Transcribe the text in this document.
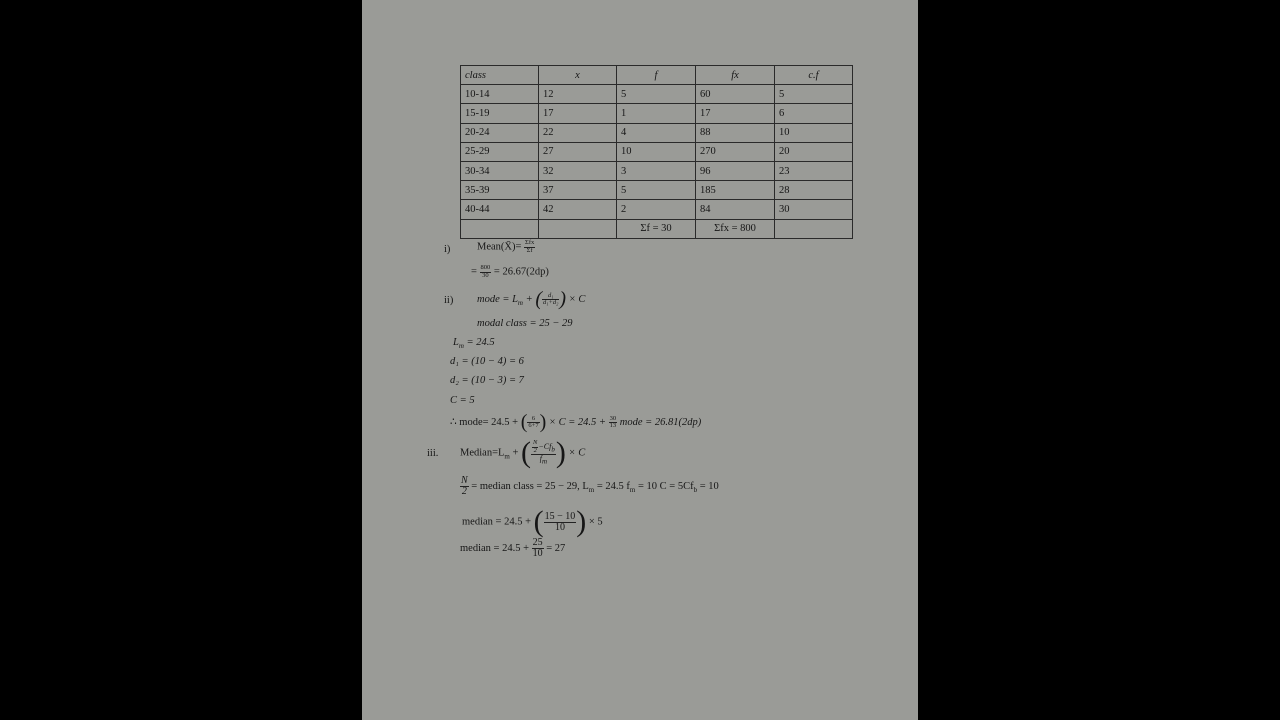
class	x	f	fx	c.f
10-14	12	5	60	5
15-19	17	1	17	6
20-24	22	4	88	10
25-29	27	10	270	20
30-34	32	3	96	23
35-39	37	5	185	28
40-44	42	2	84	30
		Σf = 30	Σfx = 800	
i)	Mean(X̄)= $\frac{\text{Σfx}}{\Sigma f}$
= $\frac{800}{30} = 26.67(2dp)$
ii) mode = $L_m$ + ( $\frac{\text{d₁}}{\text{d₁+d₂}}$ ) × C
modal class = 25 − 29
$L_m = 24.5$
d₁ = (10 − 4) = 6
d₂ = (10 − 3) = 7
C = 5
∴ mode= 24.5 + ( $\frac{6}{6+7}$ ) × $C = 24.5 + \frac{30}{13}$ mode = 26.81(2dp)
iii. $Median=L_m$ + ( $\frac{\frac{N}{2} -Cf_b}{f_m}$ ) × C
$\frac{N}{2}$ = median class = 25 − 29, $L_m = 24.5$ $f_m = 10$ $C = 5Cf_b = 10$
median = 24.5 + ( $\frac{15 - 10}{10}$ ) × 5
median = $24.5 + \frac{25}{10} = 27$
